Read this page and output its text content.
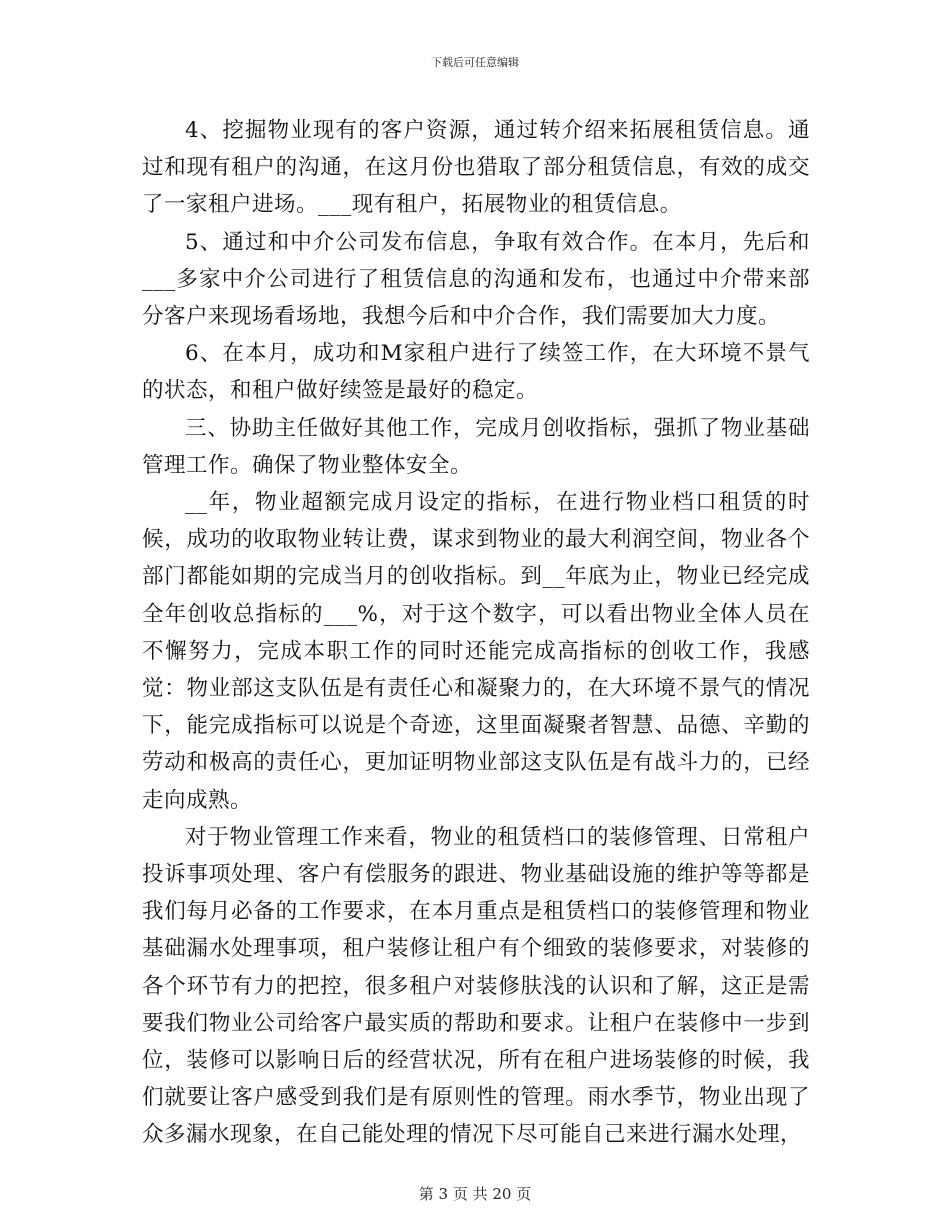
下载后可任意编辑

4、挖掘物业现有的客户资源，通过转介绍来拓展租赁信息。通过和现有租户的沟通，在这月份也猎取了部分租赁信息，有效的成交了一家租户进场。___现有租户，拓展物业的租赁信息。

5、通过和中介公司发布信息，争取有效合作。在本月，先后和___多家中介公司进行了租赁信息的沟通和发布，也通过中介带来部分客户来现场看场地，我想今后和中介合作，我们需要加大力度。

6、在本月，成功和M家租户进行了续签工作，在大环境不景气的状态，和租户做好续签是最好的稳定。

三、协助主任做好其他工作，完成月创收指标，强抓了物业基础管理工作。确保了物业整体安全。

__年，物业超额完成月设定的指标，在进行物业档口租赁的时候，成功的收取物业转让费，谋求到物业的最大利润空间，物业各个部门都能如期的完成当月的创收指标。到__年底为止，物业已经完成全年创收总指标的___%，对于这个数字，可以看出物业全体人员在不懈努力，完成本职工作的同时还能完成高指标的创收工作，我感觉：物业部这支队伍是有责任心和凝聚力的，在大环境不景气的情况下，能完成指标可以说是个奇迹，这里面凝聚者智慧、品德、辛勤的劳动和极高的责任心，更加证明物业部这支队伍是有战斗力的，已经走向成熟。

对于物业管理工作来看，物业的租赁档口的装修管理、日常租户投诉事项处理、客户有偿服务的跟进、物业基础设施的维护等等都是我们每月必备的工作要求，在本月重点是租赁档口的装修管理和物业基础漏水处理事项，租户装修让租户有个细致的装修要求，对装修的各个环节有力的把控，很多租户对装修肤浅的认识和了解，这正是需要我们物业公司给客户最实质的帮助和要求。让租户在装修中一步到位，装修可以影响日后的经营状况，所有在租户进场装修的时候，我们就要让客户感受到我们是有原则性的管理。雨水季节，物业出现了众多漏水现象，在自己能处理的情况下尽可能自己来进行漏水处理，

第 3 页 共 20 页
